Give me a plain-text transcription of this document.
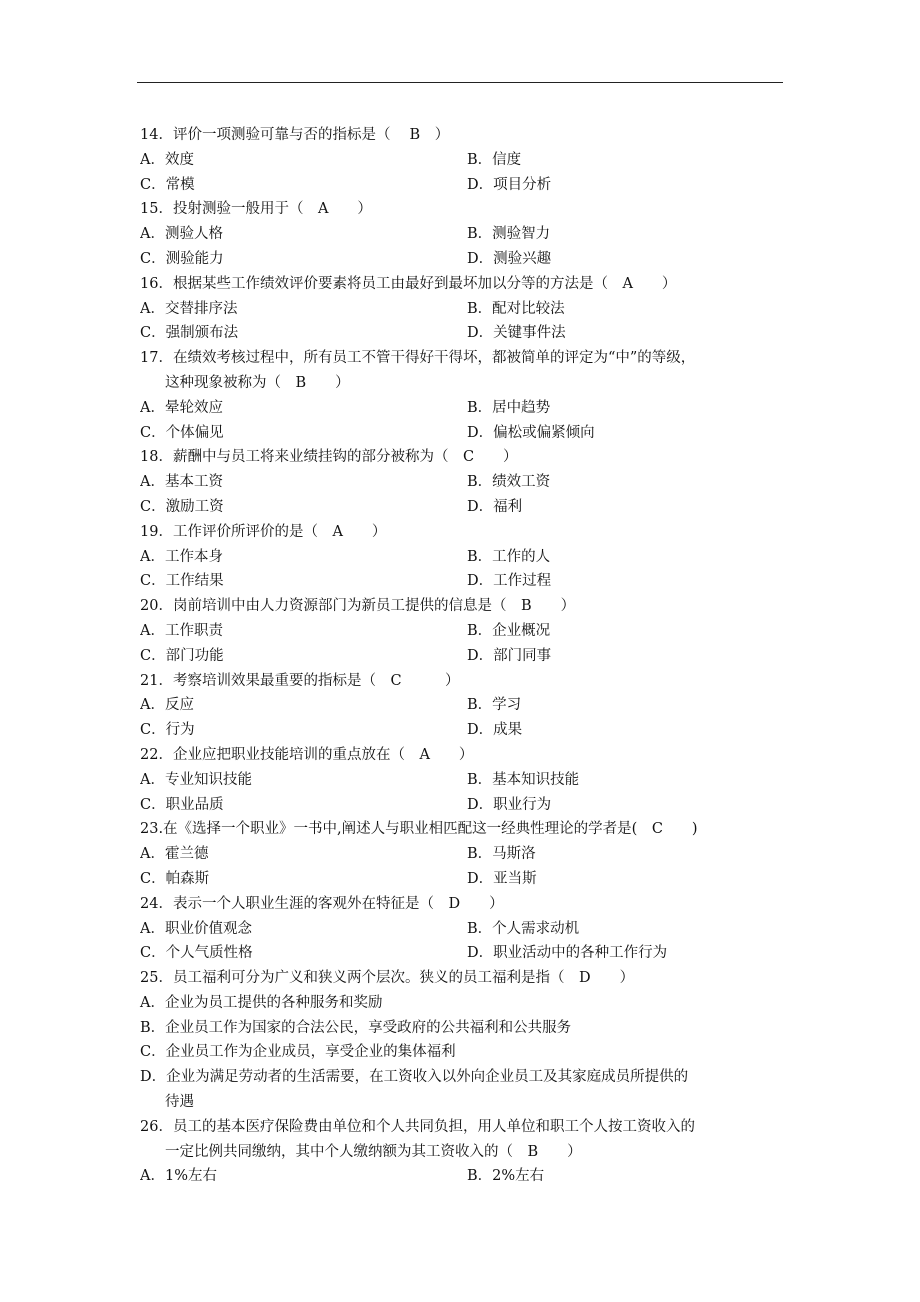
14．评价一项测验可靠与否的指标是（　 B　）
A．效度	B．信度
C．常模	D．项目分析
15．投射测验一般用于（　A　　）
A．测验人格	B．测验智力
C．测验能力	D．测验兴趣
16．根据某些工作绩效评价要素将员工由最好到最坏加以分等的方法是（　A　　）
A．交替排序法	B．配对比较法
C．强制颁布法	D．关键事件法
17．在绩效考核过程中，所有员工不管干得好干得坏，都被简单的评定为“中”的等级，
这种现象被称为（　B　　）
A．晕轮效应	B．居中趋势
C．个体偏见	D．偏松或偏紧倾向
18．薪酬中与员工将来业绩挂钩的部分被称为（　C　　）
A．基本工资	B．绩效工资
C．激励工资	D．福利
19．工作评价所评价的是（　A　　）
A．工作本身	B．工作的人
C．工作结果	D．工作过程
20．岗前培训中由人力资源部门为新员工提供的信息是（　B　　）
A．工作职责	B．企业概况
C．部门功能	D．部门同事
21．考察培训效果最重要的指标是（　C　　　）
A．反应	B．学习
C．行为	D．成果
22．企业应把职业技能培训的重点放在（　A　　）
A．专业知识技能	B．基本知识技能
C．职业品质	D．职业行为
23.在《选择一个职业》一书中,阐述人与职业相匹配这一经典性理论的学者是(　C　　)
A．霍兰德	B．马斯洛
C．帕森斯	D．亚当斯
24．表示一个人职业生涯的客观外在特征是（　D　　）
A．职业价值观念	B．个人需求动机
C．个人气质性格	D．职业活动中的各种工作行为
25．员工福利可分为广义和狭义两个层次。狭义的员工福利是指（　D　　）
A．企业为员工提供的各种服务和奖励
B．企业员工作为国家的合法公民，享受政府的公共福利和公共服务
C．企业员工作为企业成员，享受企业的集体福利
D．企业为满足劳动者的生活需要，在工资收入以外向企业员工及其家庭成员所提供的
待遇
26．员工的基本医疗保险费由单位和个人共同负担，用人单位和职工个人按工资收入的
一定比例共同缴纳，其中个人缴纳额为其工资收入的（　B　　）
A．1%左右	B．2%左右
